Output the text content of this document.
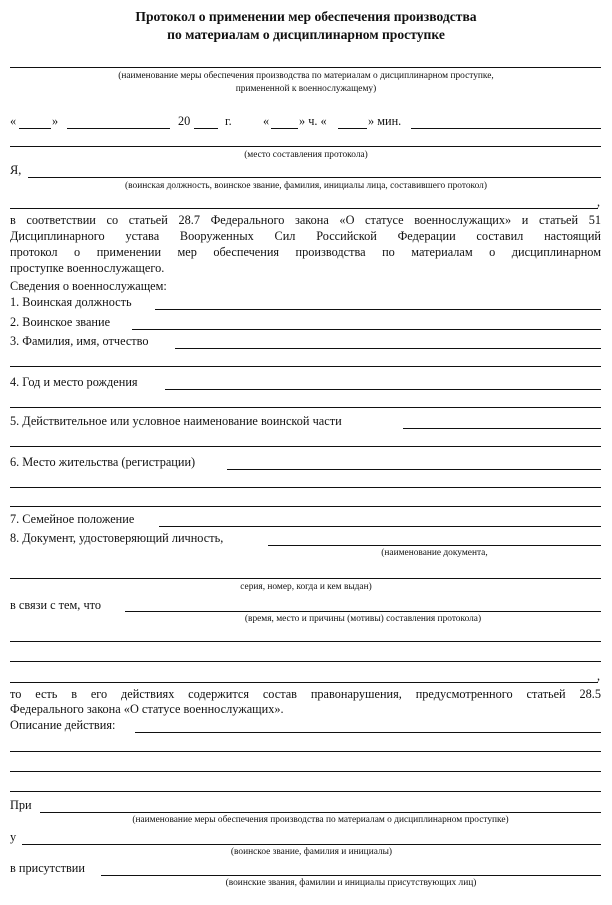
Протокол о применении мер обеспечения производства
по материалам о дисциплинарном проступке
(наименование меры обеспечения производства по материалам о дисциплинарном проступке,
примененной к военнослужащему)
«	»	20	г.	« » ч. «	» мин.
(место составления протокола)
Я,
(воинская должность, воинское звание, фамилия, инициалы лица, составившего протокол)
,
в соответствии со статьей 28.7 Федерального закона «О статусе военнослужащих» и статьей 51
Дисциплинарного устава Вооруженных Сил Российской Федерации составил настоящий
протокол о применении мер обеспечения производства по материалам о дисциплинарном
проступке военнослужащего.
Сведения о военнослужащем:
1. Воинская должность
2. Воинское звание
3. Фамилия, имя, отчество
4. Год и место рождения
5. Действительное или условное наименование воинской части
6. Место жительства (регистрации)
7. Семейное положение
8. Документ, удостоверяющий личность,
(наименование документа,
серия, номер, когда и кем выдан)
в связи с тем, что
(время, место и причины (мотивы) составления протокола)
,
то есть в его действиях содержится состав правонарушения, предусмотренного статьей 28.5
Федерального закона «О статусе военнослужащих».
Описание действия:
При
(наименование меры обеспечения производства по материалам о дисциплинарном проступке)
у
(воинское звание, фамилия и инициалы)
в присутствии
(воинские звания, фамилии и инициалы присутствующих лиц)
